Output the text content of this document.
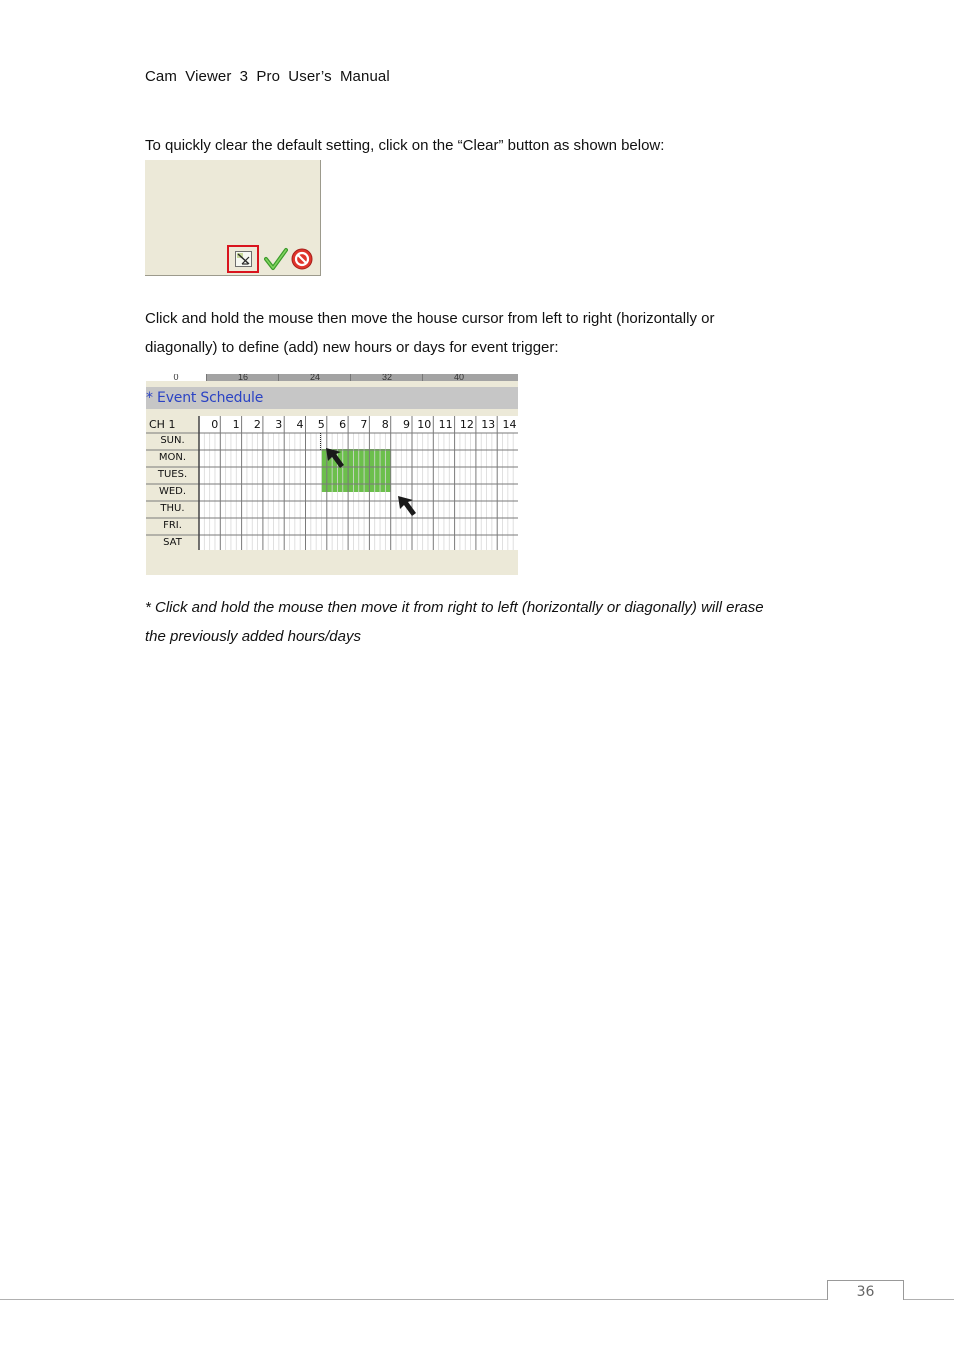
Cam Viewer 3 Pro User’s Manual
To quickly clear the default setting, click on the “Clear” button as shown below:
Click and hold the mouse then move the house cursor from left to right (horizontally or
diagonally) to define (add) new hours or days for event trigger:
0	16	24	32	40
* Event Schedule
CH 1	0	1	2	3	4	5	6	7	8	9 10 11 12 13 14
SUN.
MON.
TUES.
WED.
THU.
FRI.
SAT
* Click and hold the mouse then move it from right to left (horizontally or diagonally) will erase
the previously added hours/days
36
